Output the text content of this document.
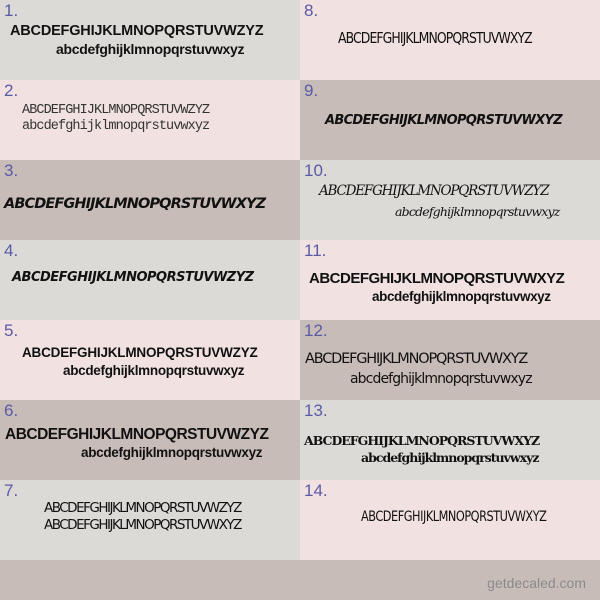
1.
ABCDEFGHIJKLMNOPQRSTUVWZYZ
abcdefghijklmnopqrstuvwxyz
2.
ABCDEFGHIJKLMNOPQRSTUVWZYZ
abcdefghijklmnopqrstuvwxyz
3.
ABCDEFGHIJKLMNOPQRSTUVWXYZ
4.
ABCDEFGHIJKLMNOPQRSTUVWZYZ
5.
ABCDEFGHIJKLMNOPQRSTUVWZYZ
abcdefghijklmnopqrstuvwxyz
6.
ABCDEFGHIJKLMNOPQRSTUVWZYZ
abcdefghijklmnopqrstuvwxyz
7.
ABCDEFGHIJKLMNOPQRSTUVWZYZ
ABCDEFGHIJKLMNOPQRSTUVWXYZ
8.
ABCDEFGHIJKLMNOPQRSTUVWXYZ
9.
ABCDEFGHIJKLMNOPQRSTUVWXYZ
10.
ABCDEFGHIJKLMNOPQRSTUVWZYZ
abcdefghijklmnopqrstuvwxyz
11.
ABCDEFGHIJKLMNOPQRSTUVWXYZ
abcdefghijklmnopqrstuvwxyz
12.
ABCDEFGHIJKLMNOPQRSTUVWXYZ
abcdefghijklmnopqrstuvwxyz
13.
ABCDEFGHIJKLMNOPQRSTUVWXYZ
abcdefghijklmnopqrstuvwxyz
14.
ABCDEFGHIJKLMNOPQRSTUVWXYZ
getdecaled.com
